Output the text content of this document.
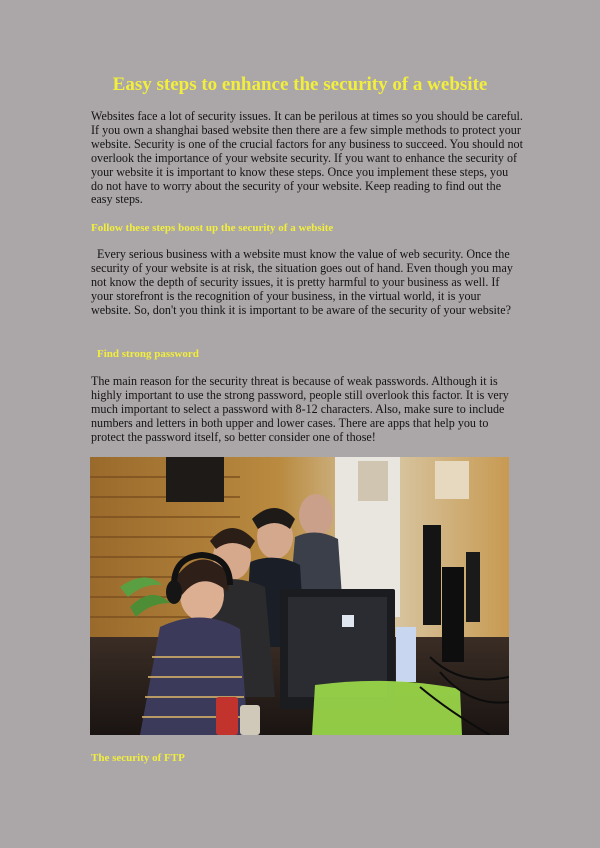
Easy steps to enhance the security of a website

Websites face a lot of security issues. It can be perilous at times so you should be careful. If you own a shanghai based website then there are a few simple methods to protect your website. Security is one of the crucial factors for any business to succeed. You should not overlook the importance of your website security. If you want to enhance the security of your website it is important to know these steps. Once you implement these steps, you do not have to worry about the security of your website. Keep reading to find out the easy steps.

Follow these steps boost up the security of a website

Every serious business with a website must know the value of web security. Once the security of your website is at risk, the situation goes out of hand. Even though you may not know the depth of security issues, it is pretty harmful to your business as well. If your storefront is the recognition of your business, in the virtual world, it is your website. So, don't you think it is important to be aware of the security of your website?

Find strong password

The main reason for the security threat is because of weak passwords. Although it is highly important to use the strong password, people still overlook this factor. It is very much important to select a password with 8-12 characters. Also, make sure to include numbers and letters in both upper and lower cases. There are apps that help you to protect the password itself, so better consider one of those!

The security of FTP
